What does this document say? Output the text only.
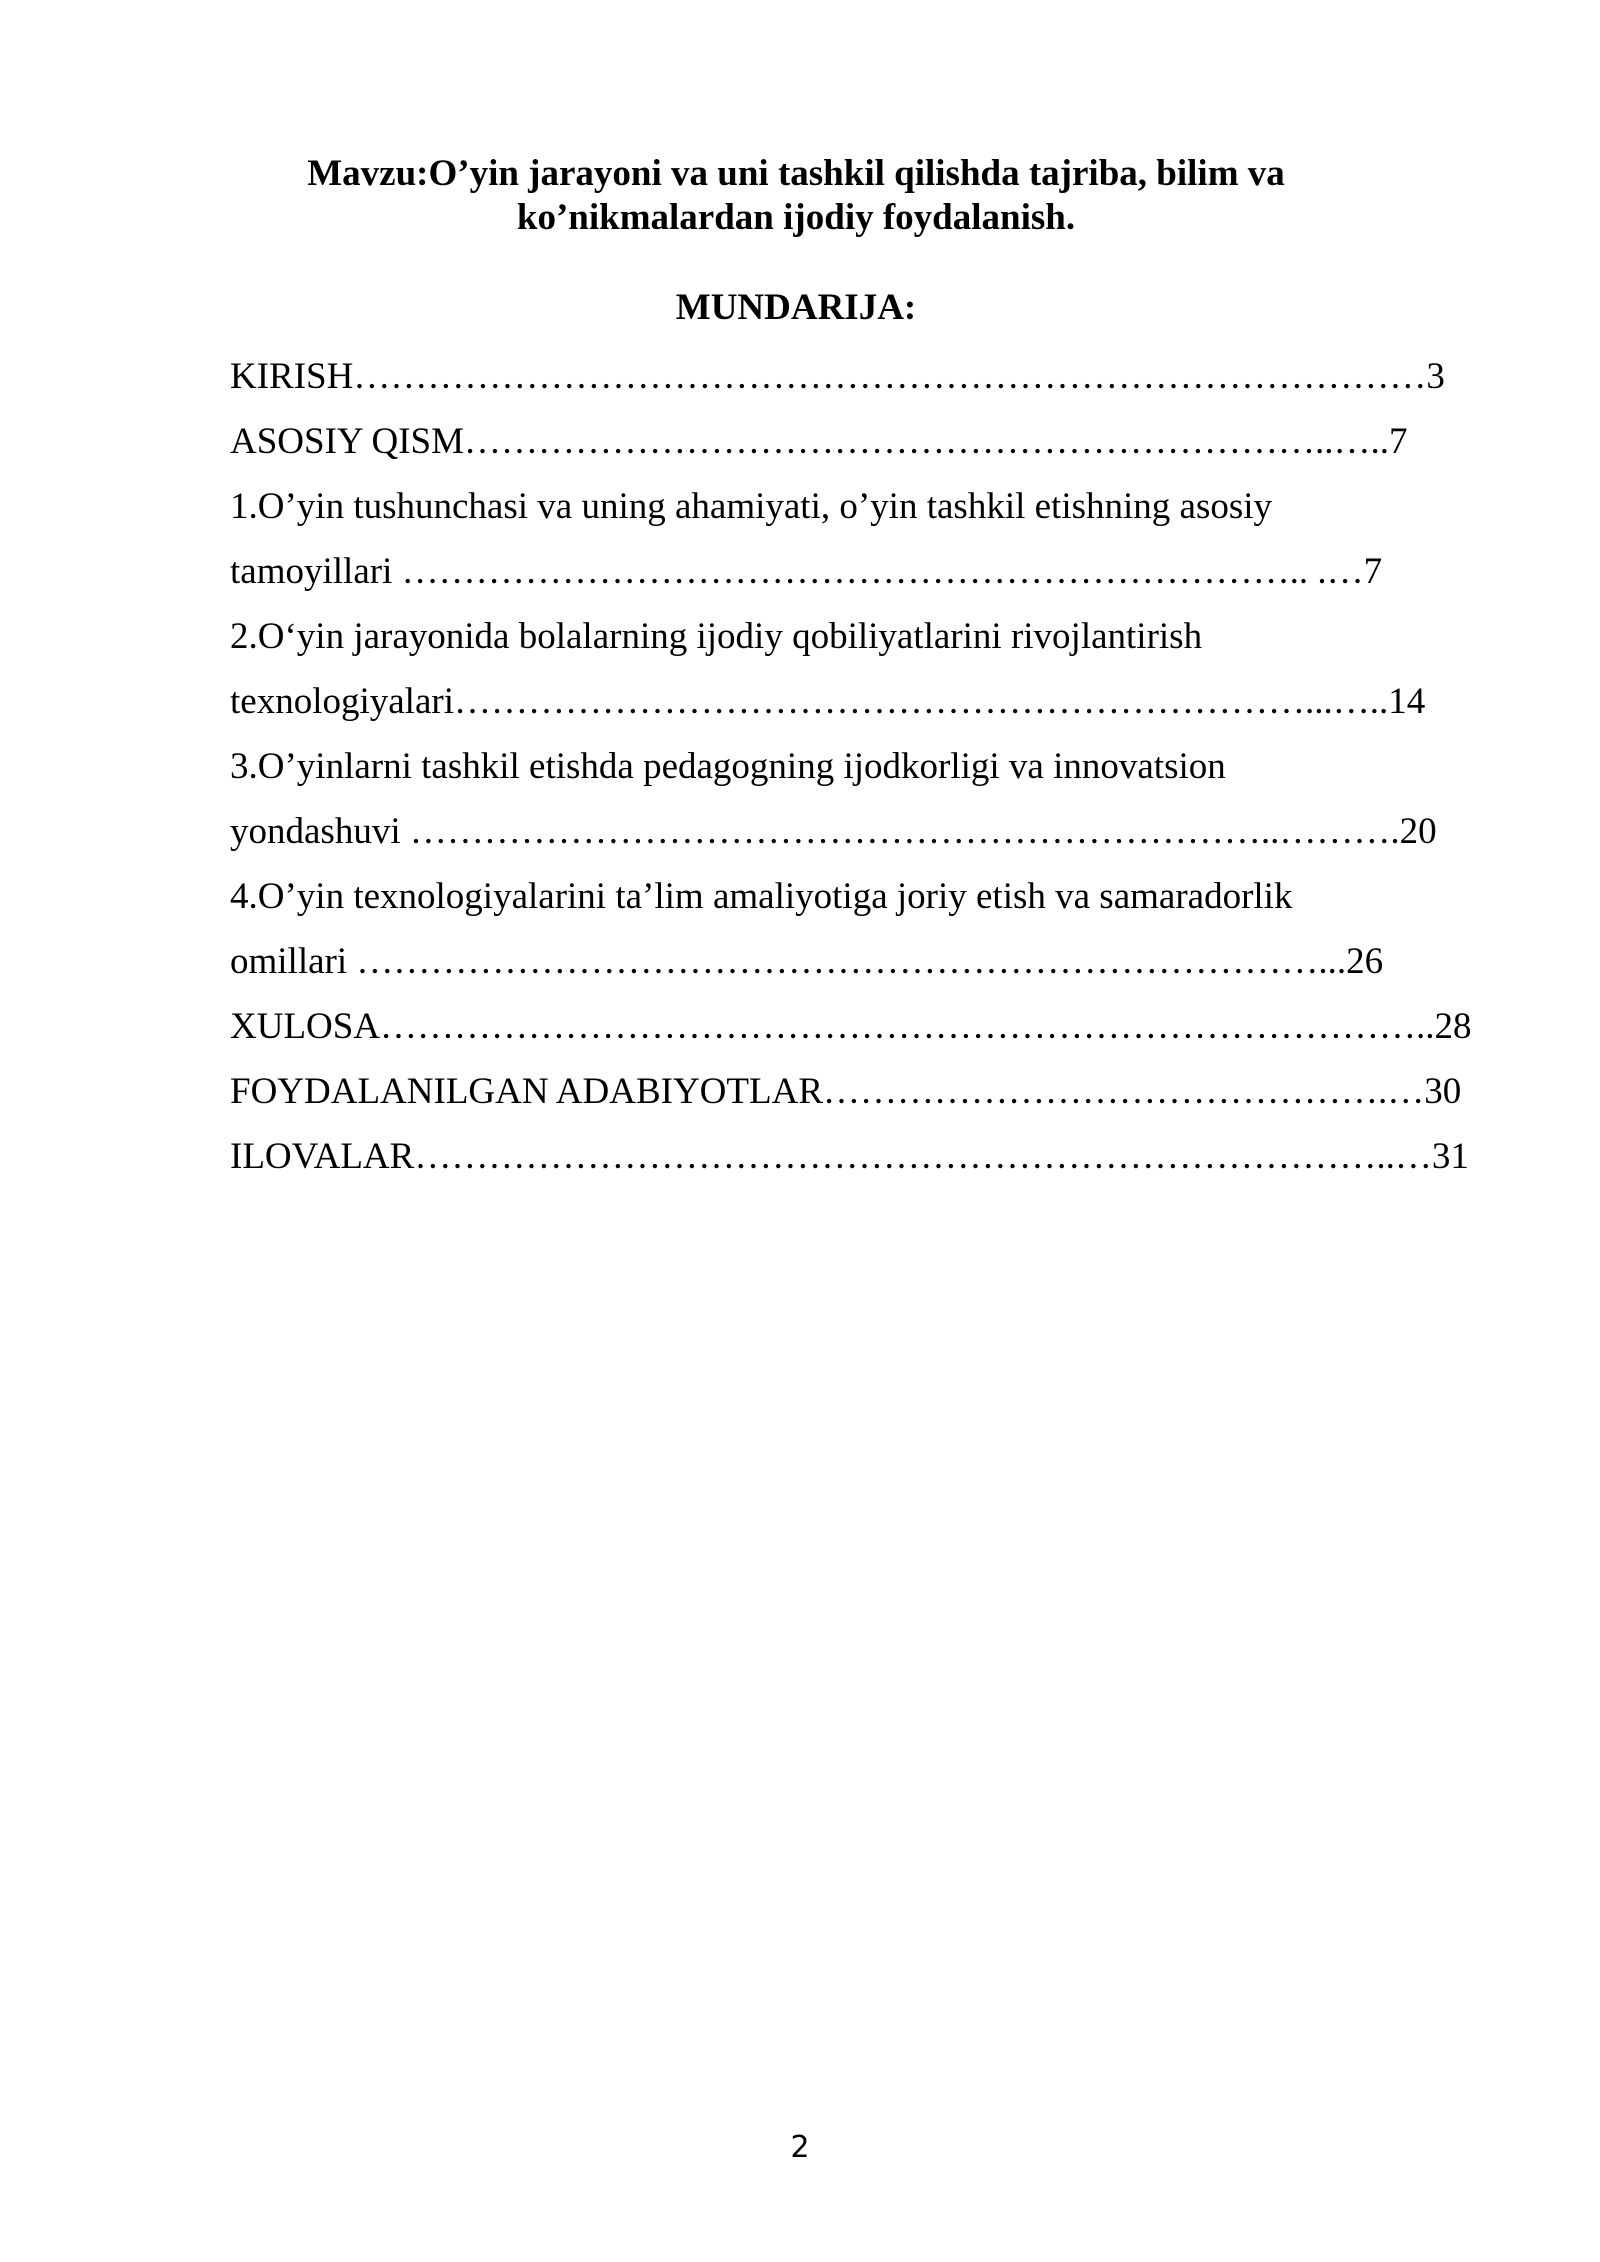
Mavzu:O’yin jarayoni va uni tashkil qilishda tajriba, bilim va
ko’nikmalardan ijodiy foydalanish.
MUNDARIJA:
KIRISH……………………………………………………………………………3
ASOSIY QISM……………………………………………………………..…..7
1.O’yin tushunchasi va uning ahamiyati, o’yin tashkil etishning asosiy
tamoyillari ……………………………………………………………….. .…7
2.O‘yin jarayonida bolalarning ijodiy qobiliyatlarini rivojlantirish
texnologiyalari……………………………………………………………...…..14
3.O’yinlarni tashkil etishda pedagogning ijodkorligi va innovatsion
yondashuvi ……………………………………………………………..……….20
4.O’yin texnologiyalarini ta’lim amaliyotiga joriy etish va samaradorlik
omillari ……………………………………………………………………...26
XULOSA…………………………………………………………………………..28
FOYDALANILGAN ADABIYOTLAR……………………………………….…30
ILOVALAR……………………………………………………………………..…31
2
